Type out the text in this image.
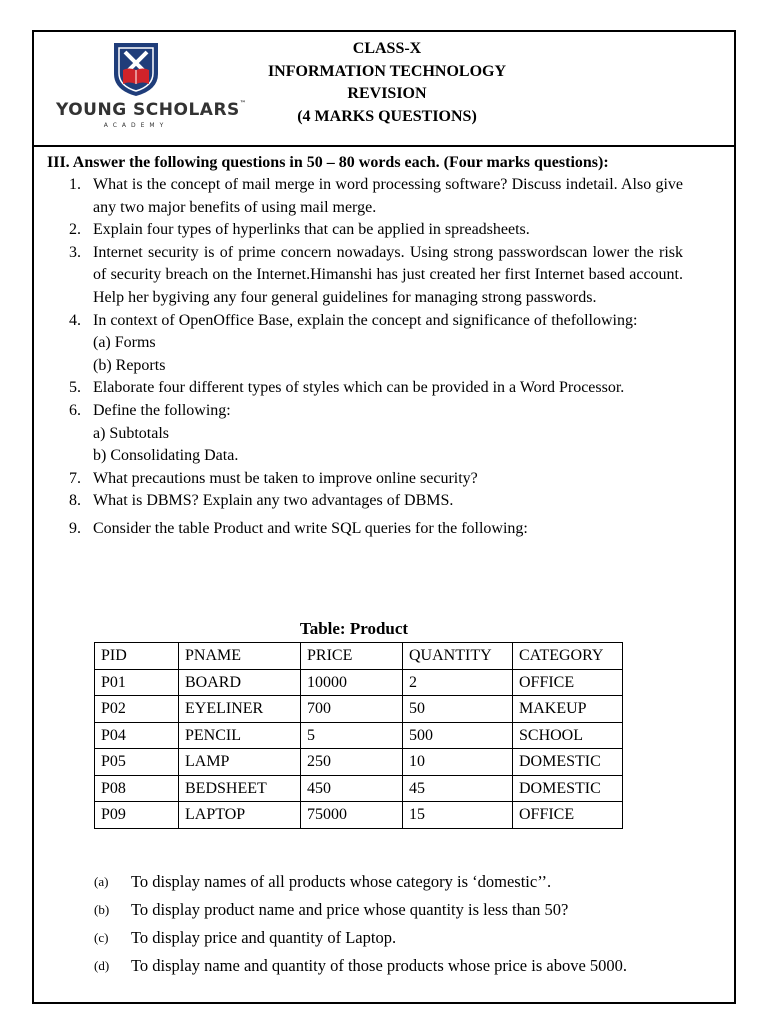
YOUNG SCHOLARS™
ACADEMY
CLASS-X
INFORMATION TECHNOLOGY
REVISION
(4 MARKS QUESTIONS)
III. Answer the following questions in 50 – 80 words each. (Four marks questions):
1. What is the concept of mail merge in word processing software? Discuss indetail. Also give any two major benefits of using mail merge.

2. Explain four types of hyperlinks that can be applied in spreadsheets.

3. Internet security is of prime concern nowadays. Using strong passwordscan lower the risk of security breach on the Internet.Himanshi has just created her first Internet based account. Help her bygiving any four general guidelines for managing strong passwords.

4. In context of OpenOffice Base, explain the concept and significance of thefollowing:

(a) Forms

(b) Reports

5. Elaborate four different types of styles which can be provided in a Word Processor.

6. Define the following:

a) Subtotals

b) Consolidating Data.

7. What precautions must be taken to improve online security?

8. What is DBMS? Explain any two advantages of DBMS.

9. Consider the table Product and write SQL queries for the following:

Table: Product
PID	PNAME	PRICE	QUANTITY	CATEGORY
P01	BOARD	10000	2	OFFICE
P02	EYELINER	700	50	MAKEUP
P04	PENCIL	5	500	SCHOOL
P05	LAMP	250	10	DOMESTIC
P08	BEDSHEET	450	45	DOMESTIC
P09	LAPTOP	75000	15	OFFICE
(a) To display names of all products whose category is ‘domestic’’.
(b) To display product name and price whose quantity is less than 50?
(c) To display price and quantity of Laptop.
(d) To display name and quantity of those products whose price is above 5000.
